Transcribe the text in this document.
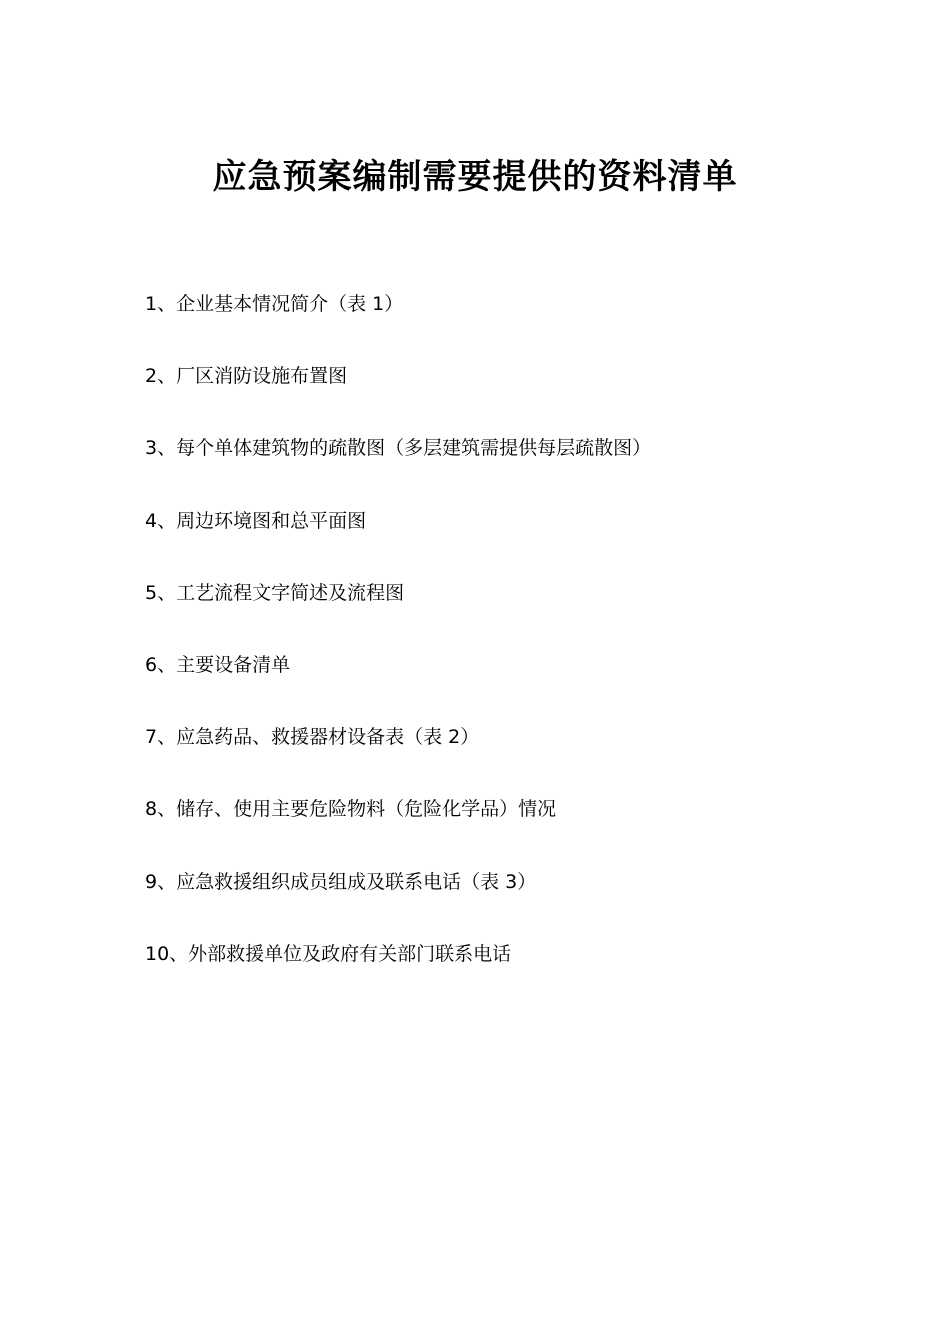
应急预案编制需要提供的资料清单
1、企业基本情况简介（表 1）
2、厂区消防设施布置图
3、每个单体建筑物的疏散图（多层建筑需提供每层疏散图）
4、周边环境图和总平面图
5、工艺流程文字简述及流程图
6、主要设备清单
7、应急药品、救援器材设备表（表 2）
8、储存、使用主要危险物料（危险化学品）情况
9、应急救援组织成员组成及联系电话（表 3）
10、外部救援单位及政府有关部门联系电话
